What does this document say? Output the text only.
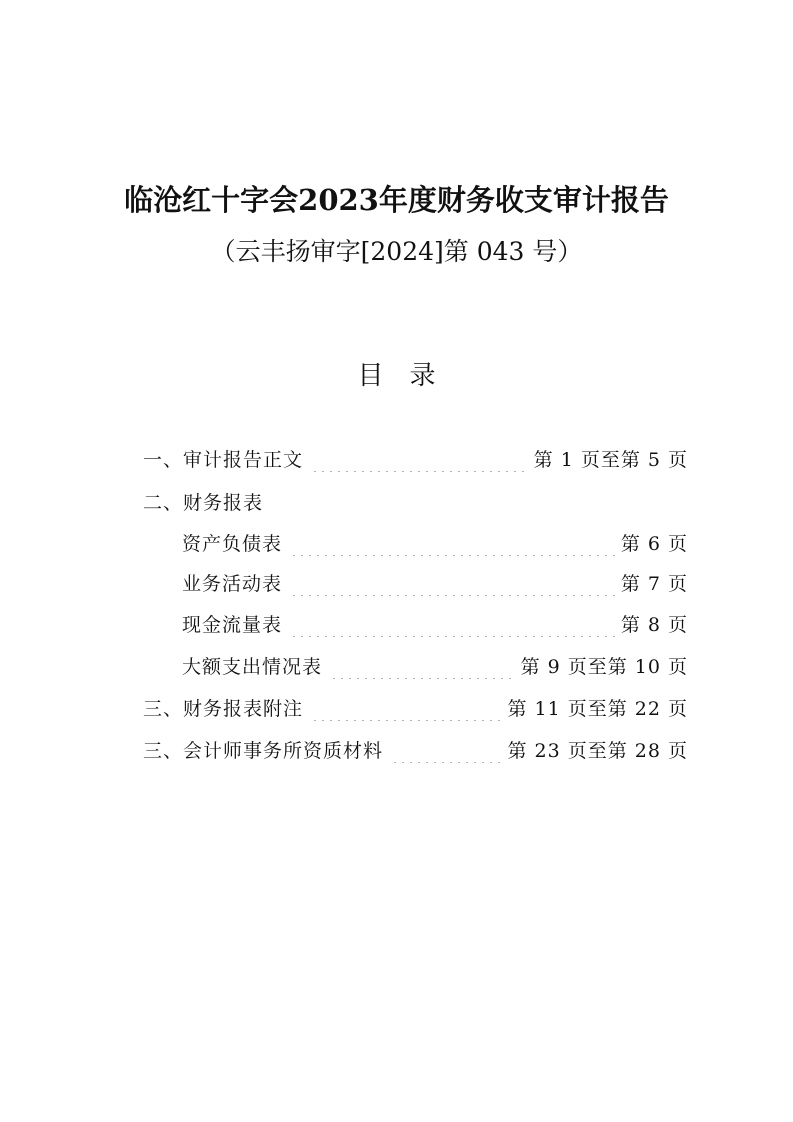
临沧红十字会2023年度财务收支审计报告
（云丰扬审字[2024]第 043 号）
目录
一、审计报告正文	第 1 页至第 5 页
二、财务报表
资产负债表	第 6 页
业务活动表	第 7 页
现金流量表	第 8 页
大额支出情况表	第 9 页至第 10 页
三、财务报表附注	第 11 页至第 22 页
三、会计师事务所资质材料	第 23 页至第 28 页
